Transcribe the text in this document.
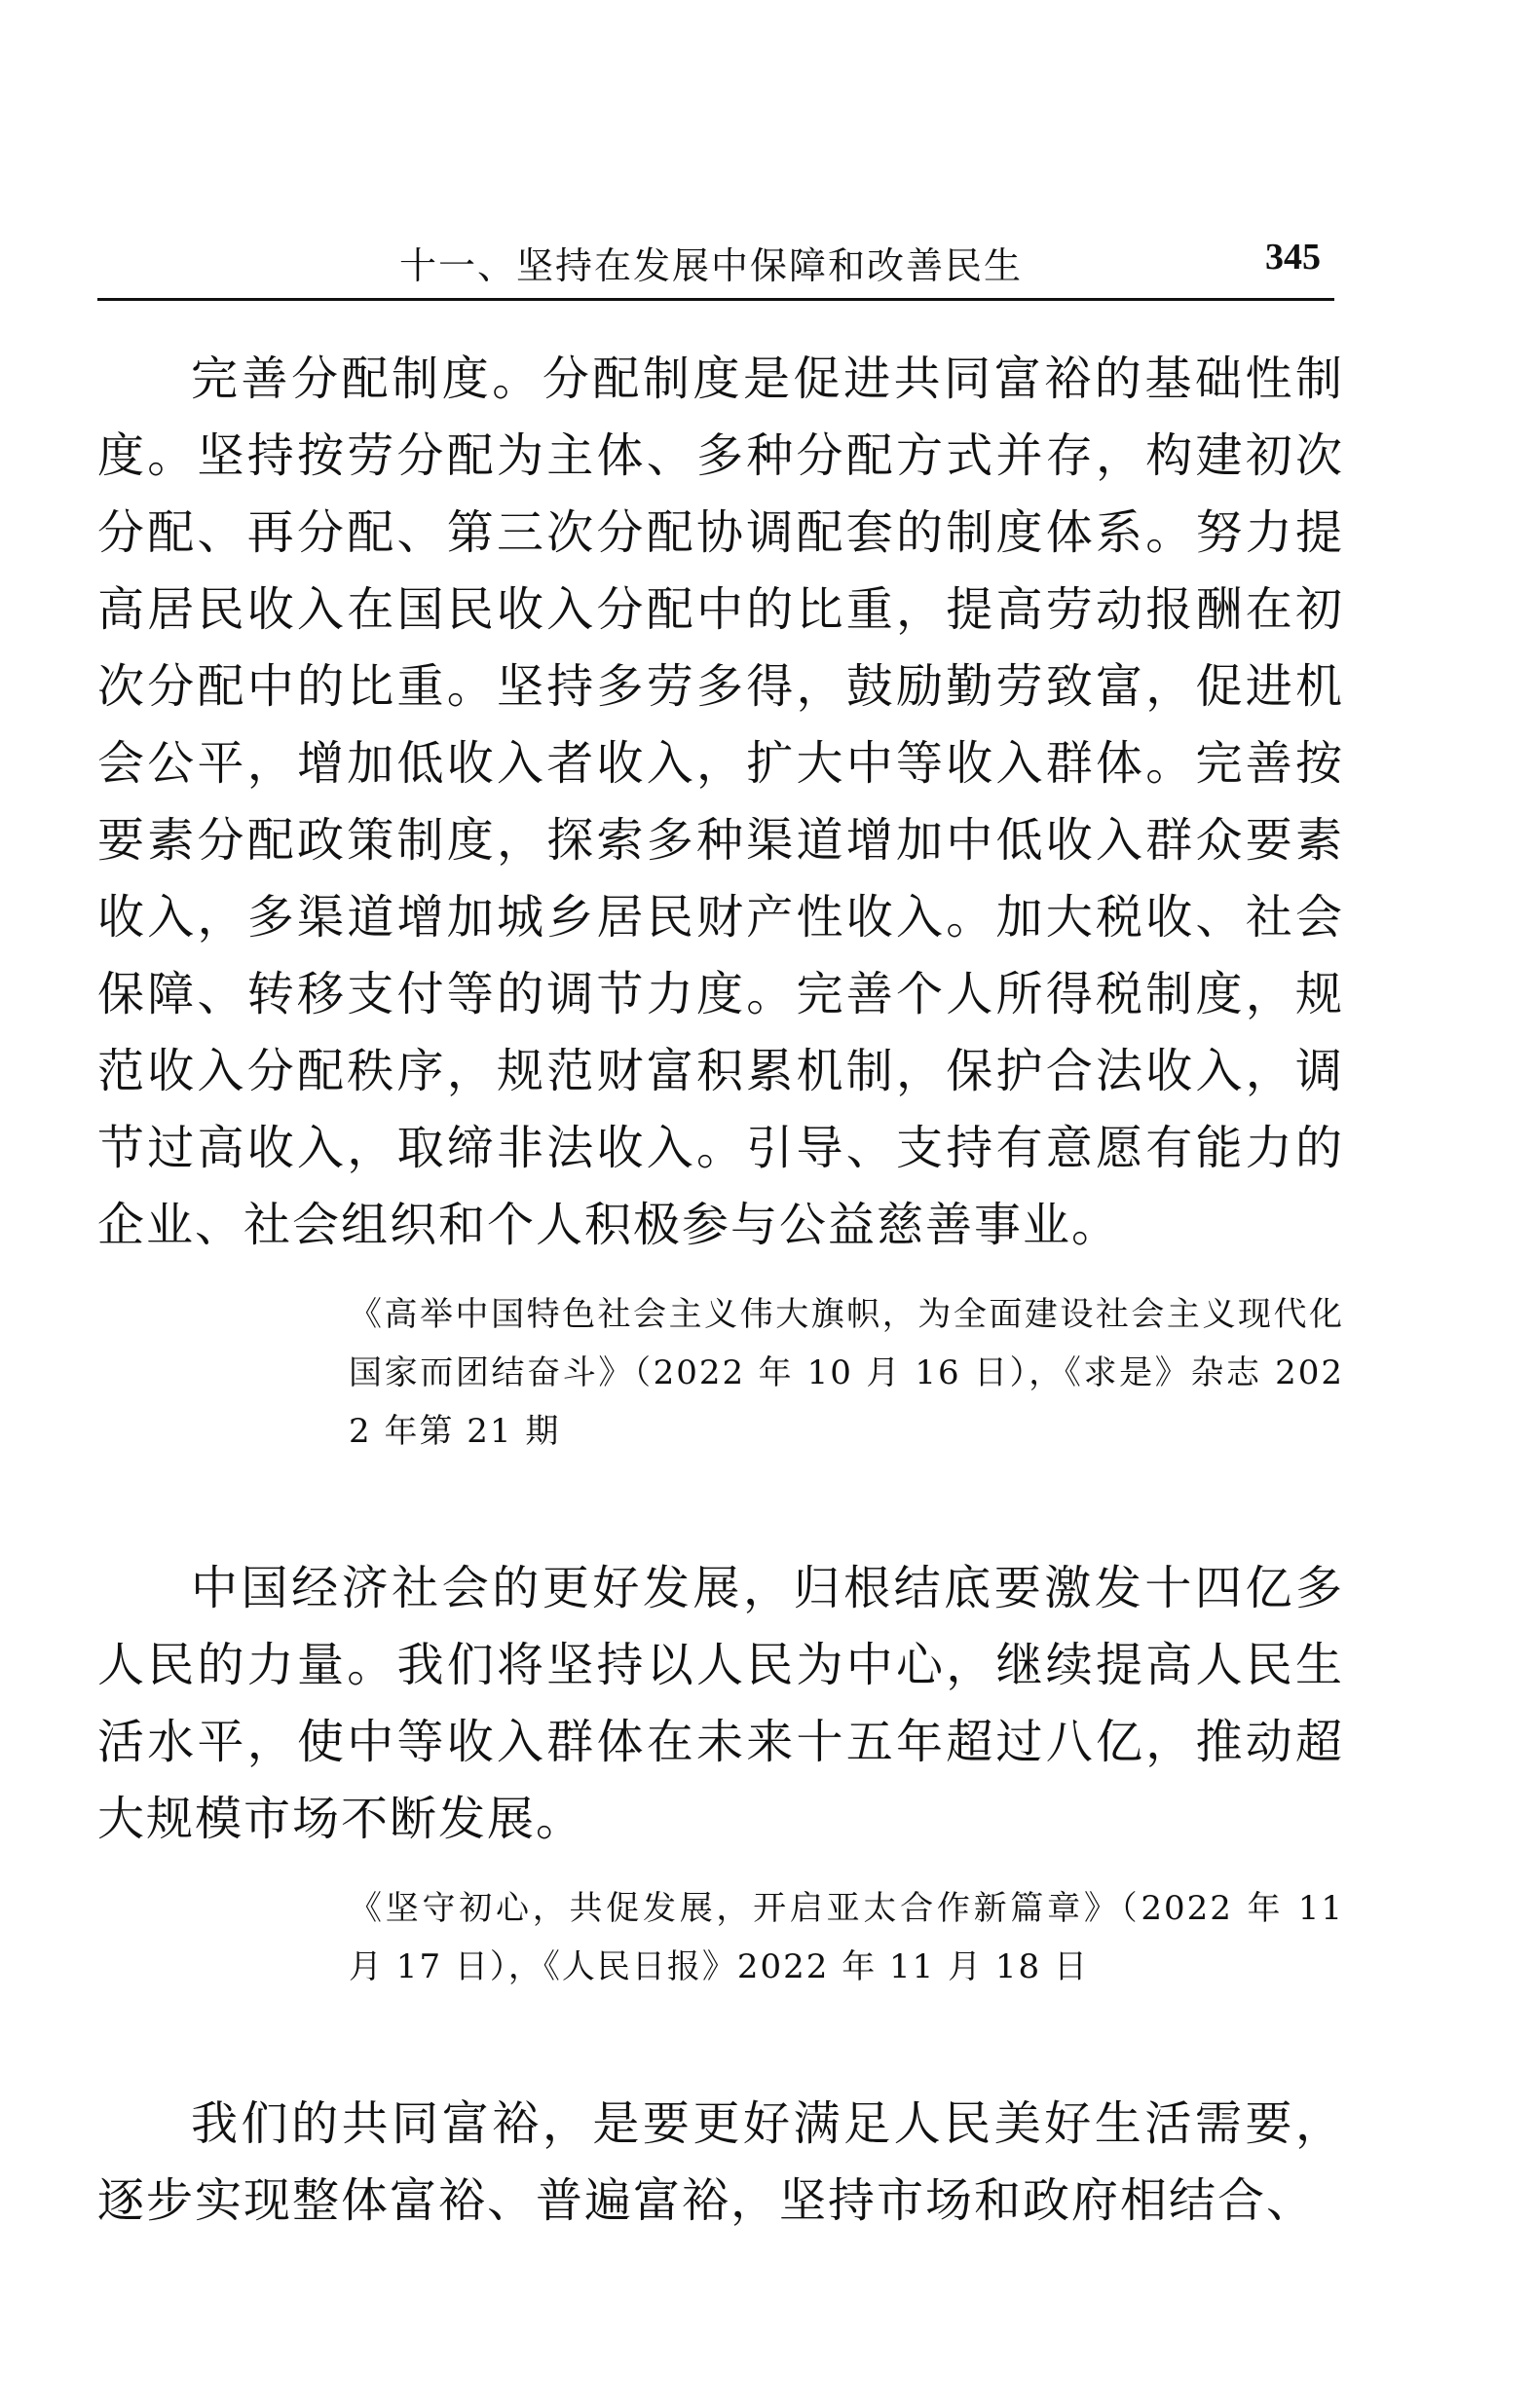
十一、坚持在发展中保障和改善民生	345

完善分配制度。分配制度是促进共同富裕的基础性制度。坚持按劳分配为主体、多种分配方式并存，构建初次分配、再分配、第三次分配协调配套的制度体系。努力提高居民收入在国民收入分配中的比重，提高劳动报酬在初次分配中的比重。坚持多劳多得，鼓励勤劳致富，促进机会公平，增加低收入者收入，扩大中等收入群体。完善按要素分配政策制度，探索多种渠道增加中低收入群众要素收入，多渠道增加城乡居民财产性收入。加大税收、社会保障、转移支付等的调节力度。完善个人所得税制度，规范收入分配秩序，规范财富积累机制，保护合法收入，调节过高收入，取缔非法收入。引导、支持有意愿有能力的企业、社会组织和个人积极参与公益慈善事业。

《高举中国特色社会主义伟大旗帜，为全面建设社会主义现代化国家而团结奋斗》（2022 年 10 月 16 日），《求是》杂志 2022 年第 21 期

中国经济社会的更好发展，归根结底要激发十四亿多人民的力量。我们将坚持以人民为中心，继续提高人民生活水平，使中等收入群体在未来十五年超过八亿，推动超大规模市场不断发展。

《坚守初心，共促发展，开启亚太合作新篇章》（2022 年 11 月 17 日），《人民日报》2022 年 11 月 18 日

我们的共同富裕，是要更好满足人民美好生活需要，逐步实现整体富裕、普遍富裕，坚持市场和政府相结合、
